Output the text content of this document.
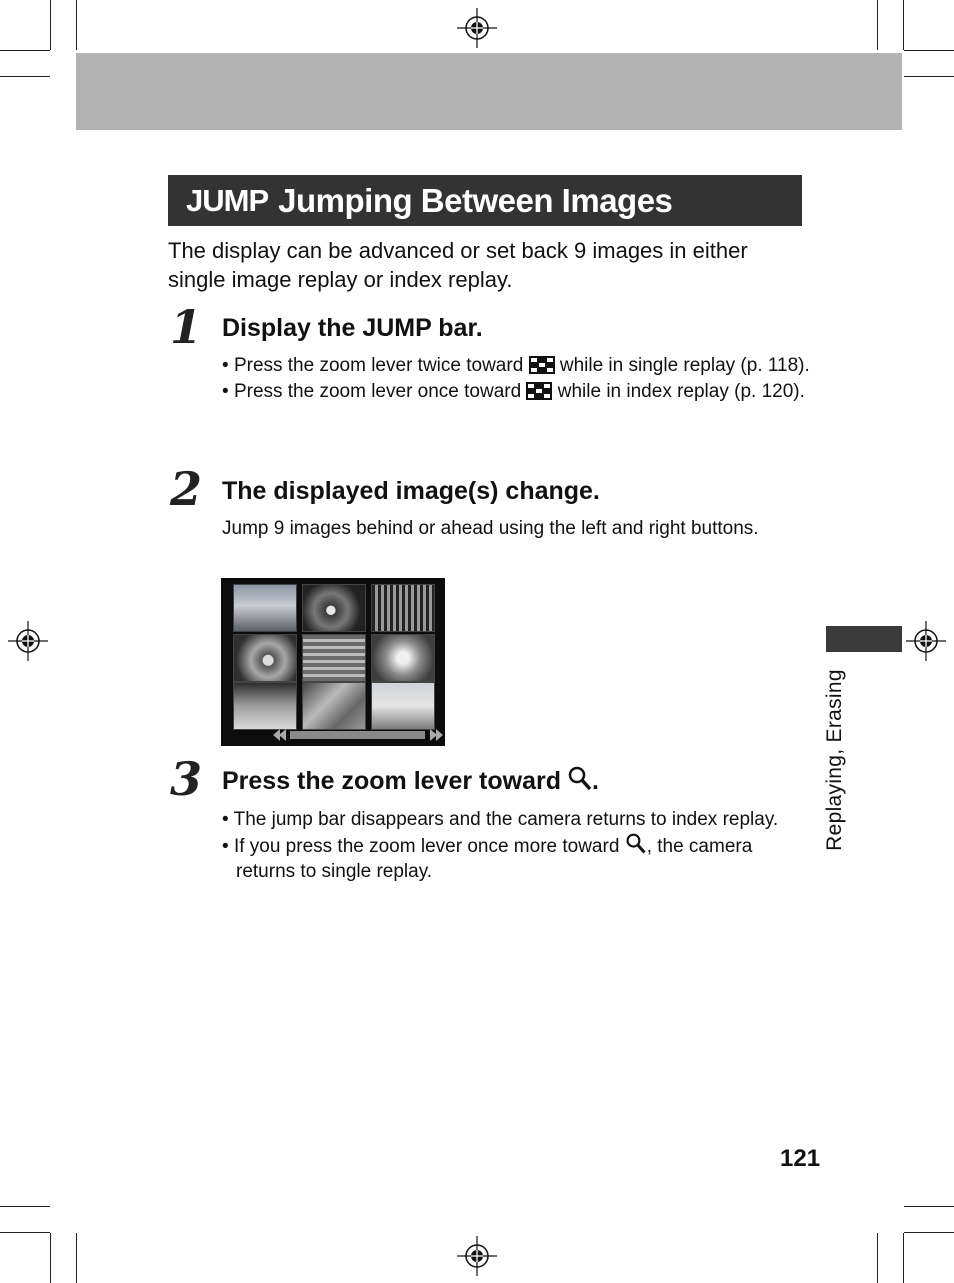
JUMP Jumping Between Images
The display can be advanced or set back 9 images in either single image replay or index replay.
1 Display the JUMP bar.
• Press the zoom lever twice toward while in single replay (p. 118).
• Press the zoom lever once toward while in index replay (p. 120).
2 The displayed image(s) change.
Jump 9 images behind or ahead using the left and right buttons.
3 Press the zoom lever toward .
• The jump bar disappears and the camera returns to index replay.
• If you press the zoom lever once more toward , the camera returns to single replay.
Replaying, Erasing
121
